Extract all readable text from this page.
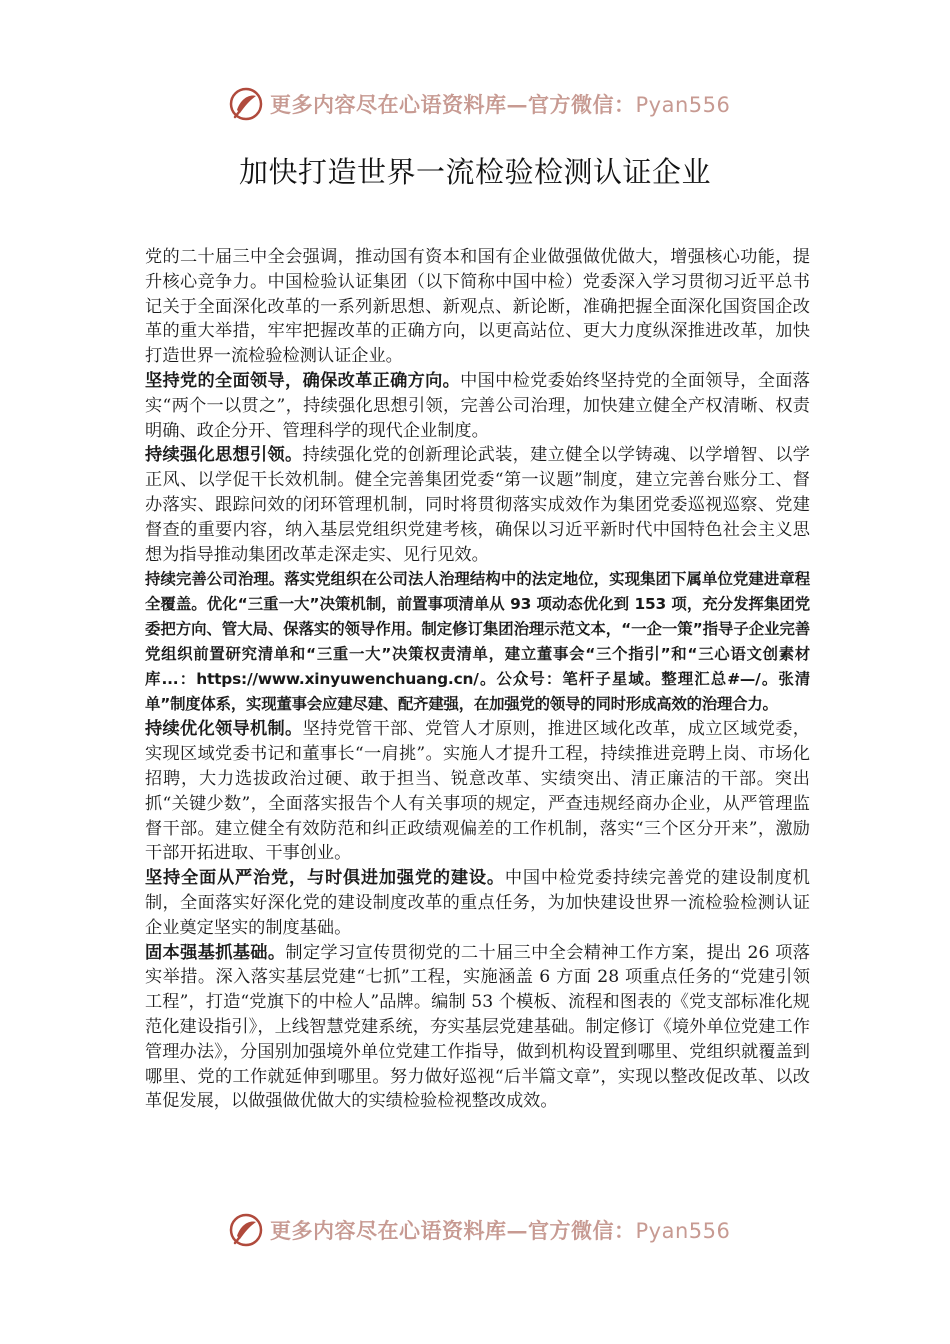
更多内容尽在心语资料库—官方微信：Pyan556
加快打造世界一流检验检测认证企业

党的二十届三中全会强调，推动国有资本和国有企业做强做优做大，增强核心功能，提升核心竞争力。中国检验认证集团（以下简称中国中检）党委深入学习贯彻习近平总书记关于全面深化改革的一系列新思想、新观点、新论断，准确把握全面深化国资国企改革的重大举措，牢牢把握改革的正确方向，以更高站位、更大力度纵深推进改革，加快打造世界一流检验检测认证企业。

坚持党的全面领导，确保改革正确方向。中国中检党委始终坚持党的全面领导，全面落实“两个一以贯之”，持续强化思想引领，完善公司治理，加快建立健全产权清晰、权责明确、政企分开、管理科学的现代企业制度。

持续强化思想引领。持续强化党的创新理论武装，建立健全以学铸魂、以学增智、以学正风、以学促干长效机制。健全完善集团党委“第一议题”制度，建立完善台账分工、督办落实、跟踪问效的闭环管理机制，同时将贯彻落实成效作为集团党委巡视巡察、党建督查的重要内容，纳入基层党组织党建考核，确保以习近平新时代中国特色社会主义思想为指导推动集团改革走深走实、见行见效。

持续完善公司治理。落实党组织在公司法人治理结构中的法定地位，实现集团下属单位党建进章程全覆盖。优化“三重一大”决策机制，前置事项清单从 93 项动态优化到 153 项，充分发挥集团党委把方向、管大局、保落实的领导作用。制定修订集团治理示范文本，“一企一策”指导子企业完善党组织前置研究清单和“三重一大”决策权责清单，建立董事会“三个指引”和“三心语文创素材库...：https://www.xinyuwenchuang.cn/。公众号：笔杆子星域。整理汇总#—/。张清单”制度体系，实现董事会应建尽建、配齐建强，在加强党的领导的同时形成高效的治理合力。

持续优化领导机制。坚持党管干部、党管人才原则，推进区域化改革，成立区域党委，实现区域党委书记和董事长“一肩挑”。实施人才提升工程，持续推进竞聘上岗、市场化招聘，大力选拔政治过硬、敢于担当、锐意改革、实绩突出、清正廉洁的干部。突出抓“关键少数”，全面落实报告个人有关事项的规定，严查违规经商办企业，从严管理监督干部。建立健全有效防范和纠正政绩观偏差的工作机制，落实“三个区分开来”，激励干部开拓进取、干事创业。

坚持全面从严治党，与时俱进加强党的建设。中国中检党委持续完善党的建设制度机制，全面落实好深化党的建设制度改革的重点任务，为加快建设世界一流检验检测认证企业奠定坚实的制度基础。

固本强基抓基础。制定学习宣传贯彻党的二十届三中全会精神工作方案，提出 26 项落实举措。深入落实基层党建“七抓”工程，实施涵盖 6 方面 28 项重点任务的“党建引领工程”，打造“党旗下的中检人”品牌。编制 53 个模板、流程和图表的《党支部标准化规范化建设指引》，上线智慧党建系统，夯实基层党建基础。制定修订《境外单位党建工作管理办法》，分国别加强境外单位党建工作指导，做到机构设置到哪里、党组织就覆盖到哪里、党的工作就延伸到哪里。努力做好巡视“后半篇文章”，实现以整改促改革、以改革促发展，以做强做优做大的实绩检验检视整改成效。

更多内容尽在心语资料库—官方微信：Pyan556
